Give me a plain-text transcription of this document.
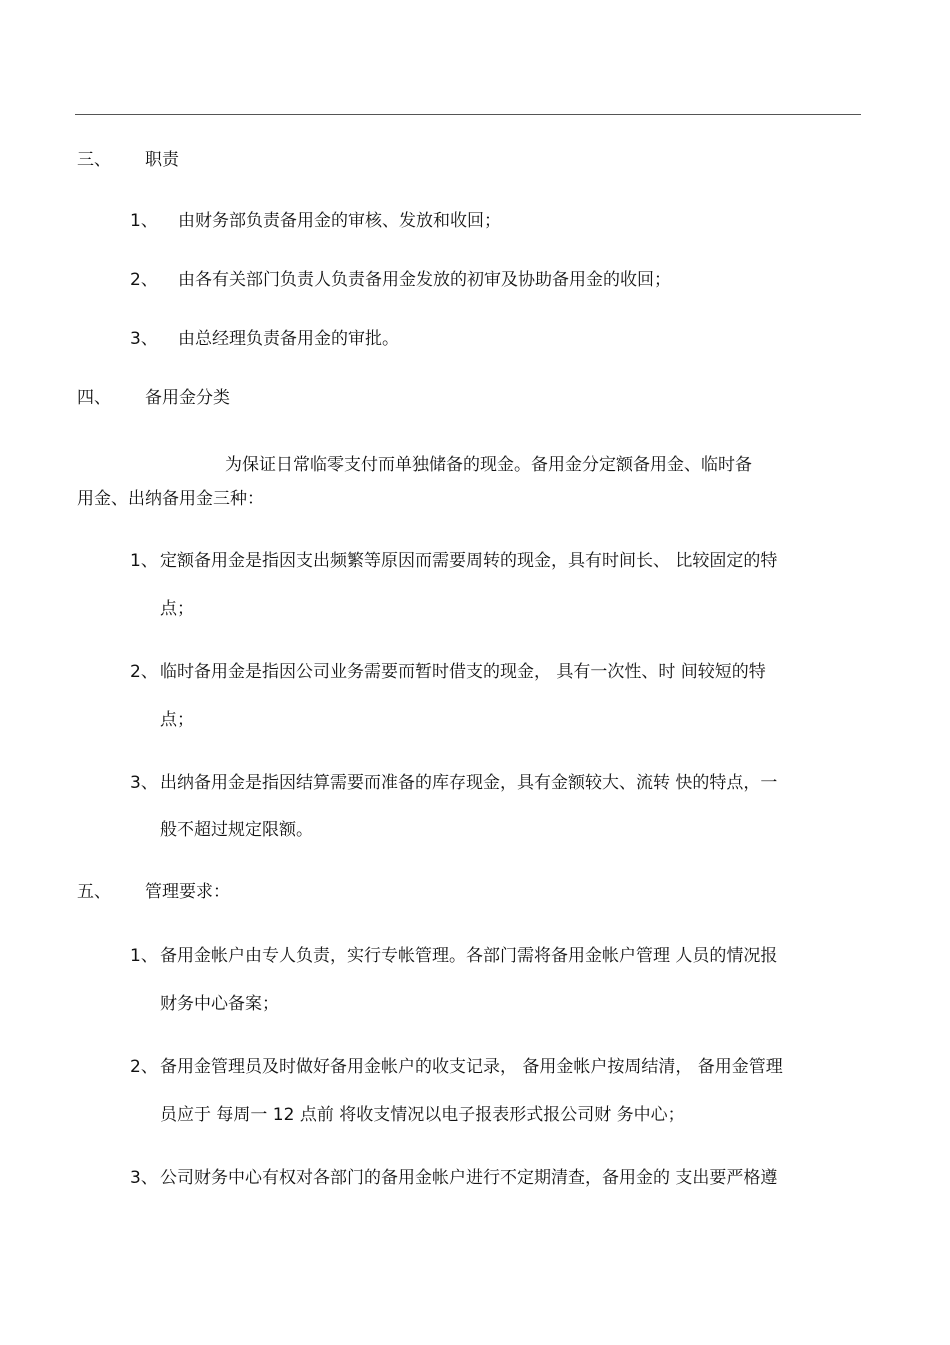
三、 职责
1、 由财务部负责备用金的审核、发放和收回；
2、 由各有关部门负责人负责备用金发放的初审及协助备用金的收回；
3、 由总经理负责备用金的审批。
四、 备用金分类
为保证日常临零支付而单独储备的现金。备用金分定额备用金、临时备
用金、出纳备用金三种：
1、 定额备用金是指因支出频繁等原因而需要周转的现金，具有时间长、 比较固定的特
点；
2、 临时备用金是指因公司业务需要而暂时借支的现金， 具有一次性、时 间较短的特
点；
3、 出纳备用金是指因结算需要而准备的库存现金，具有金额较大、流转 快的特点，一
般不超过规定限额。
五、 管理要求：
1、 备用金帐户由专人负责，实行专帐管理。各部门需将备用金帐户管理 人员的情况报
财务中心备案；
2、 备用金管理员及时做好备用金帐户的收支记录， 备用金帐户按周结清， 备用金管理
员应于 每周一 12 点前 将收支情况以电子报表形式报公司财 务中心；
3、 公司财务中心有权对各部门的备用金帐户进行不定期清查，备用金的 支出要严格遵
